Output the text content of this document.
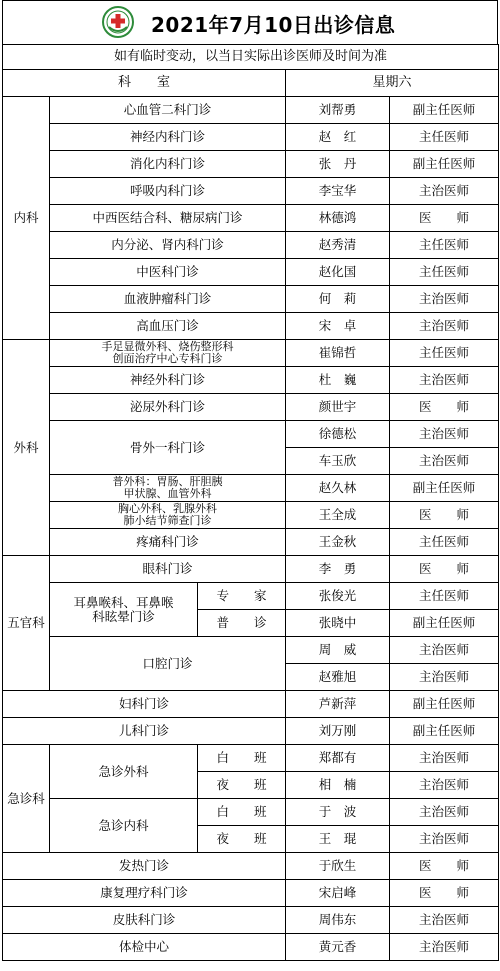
2021年7月10日出诊信息
如有临时变动，以当日实际出诊医师及时间为准				
科　　室			星期六	
内科	心血管二科门诊		刘帮勇	副主任医师
	神经内科门诊		赵　红	主任医师
	消化内科门诊		张　丹	副主任医师
	呼吸内科门诊		李宝华	主治医师
	中西医结合科、糖尿病门诊		林德鸿	医　　师
	内分泌、肾内科门诊		赵秀清	主任医师
	中医科门诊		赵化国	主任医师
	血液肿瘤科门诊		何　莉	主治医师
	高血压门诊		宋　卓	主治医师
外科	手足显微外科、烧伤整形科
创面治疗中心专科门诊		崔锦哲	主任医师
	神经外科门诊		杜　巍	主治医师
	泌尿外科门诊		颜世宇	医　　师
	骨外一科门诊		徐德松	主治医师
			车玉欣	主治医师

	普外科：胃肠、肝胆胰
甲状腺、血管外科		赵久林	副主任医师

	胸心外科、乳腺外科
肺小结节筛查门诊		王全成	医　　师
	疼痛科门诊		王金秋	主任医师
五官科	眼科门诊		李　勇	医　　师

	耳鼻喉科、耳鼻喉
科眩晕门诊	专　　家	张俊光	主任医师
		普　　诊	张晓中	副主任医师
	口腔门诊		周　威	主治医师
			赵雅旭	主治医师
妇科门诊			芦新萍	副主任医师
儿科门诊			刘万刚	副主任医师
急诊科	急诊外科	白　　班	郑都有	主治医师
		夜　　班	相　楠	主治医师
	急诊内科	白　　班	于　波	主治医师
		夜　　班	王　琨	主治医师
发热门诊			于欣生	医　　师
康复理疗科门诊			宋启峰	医　　师
皮肤科门诊			周伟东	主治医师
体检中心			黄元香	主治医师
